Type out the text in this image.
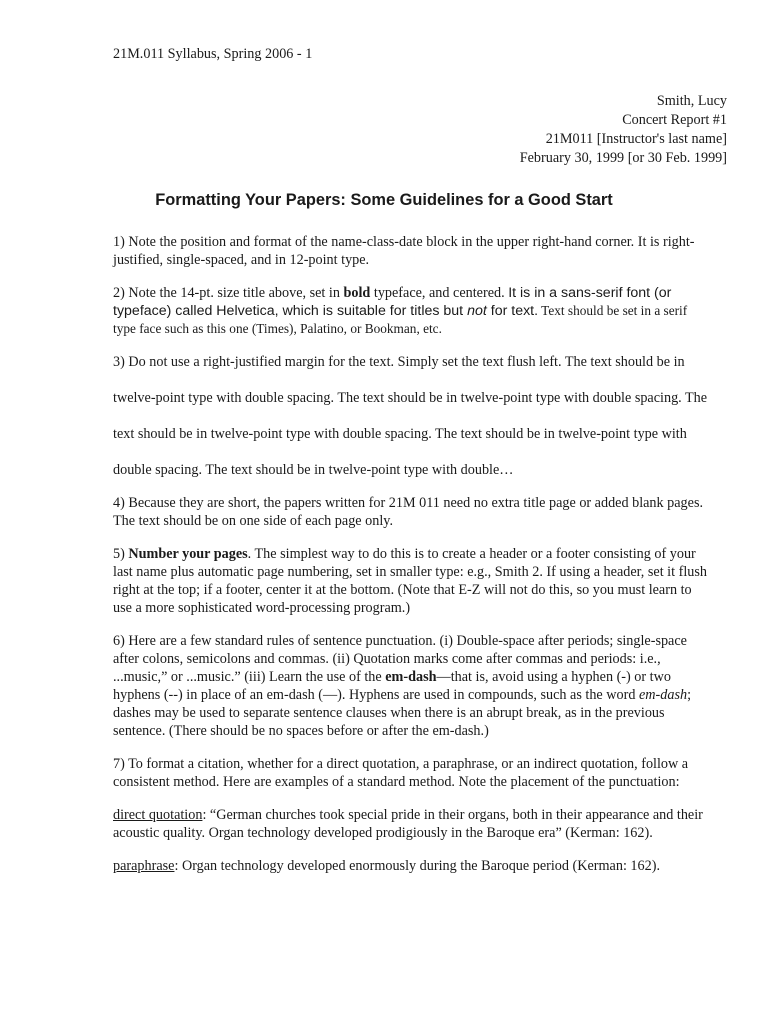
21M.011 Syllabus, Spring 2006 - 1
Smith, Lucy
Concert Report #1
21M011 [Instructor's last name]
February 30, 1999 [or 30 Feb. 1999]
Formatting Your Papers: Some Guidelines for a Good Start

1) Note the position and format of the name-class-date block in the upper right-hand corner. It is right-justified, single-spaced, and in 12-point type.

2) Note the 14-pt. size title above, set in bold typeface, and centered. It is in a sans-serif font (or typeface) called Helvetica, which is suitable for titles but not for text. Text should be set in a serif type face such as this one (Times), Palatino, or Bookman, etc.

3) Do not use a right-justified margin for the text. Simply set the text flush left. The text should be in twelve-point type with double spacing. The text should be in twelve-point type with double spacing. The text should be in twelve-point type with double spacing. The text should be in twelve-point type with double spacing. The text should be in twelve-point type with double…

4) Because they are short, the papers written for 21M 011 need no extra title page or added blank pages. The text should be on one side of each page only.

5) Number your pages. The simplest way to do this is to create a header or a footer consisting of your last name plus automatic page numbering, set in smaller type: e.g., Smith 2. If using a header, set it flush right at the top; if a footer, center it at the bottom. (Note that E-Z will not do this, so you must learn to use a more sophisticated word-processing program.)

6) Here are a few standard rules of sentence punctuation. (i) Double-space after periods; single-space after colons, semicolons and commas. (ii) Quotation marks come after commas and periods: i.e., ...music,” or ...music.” (iii) Learn the use of the em-dash—that is, avoid using a hyphen (-) or two hyphens (--) in place of an em-dash (—). Hyphens are used in compounds, such as the word em-dash; dashes may be used to separate sentence clauses when there is an abrupt break, as in the previous sentence. (There should be no spaces before or after the em-dash.)

7) To format a citation, whether for a direct quotation, a paraphrase, or an indirect quotation, follow a consistent method. Here are examples of a standard method. Note the placement of the punctuation:

direct quotation: “German churches took special pride in their organs, both in their appearance and their acoustic quality. Organ technology developed prodigiously in the Baroque era” (Kerman: 162).

paraphrase: Organ technology developed enormously during the Baroque period (Kerman: 162).
